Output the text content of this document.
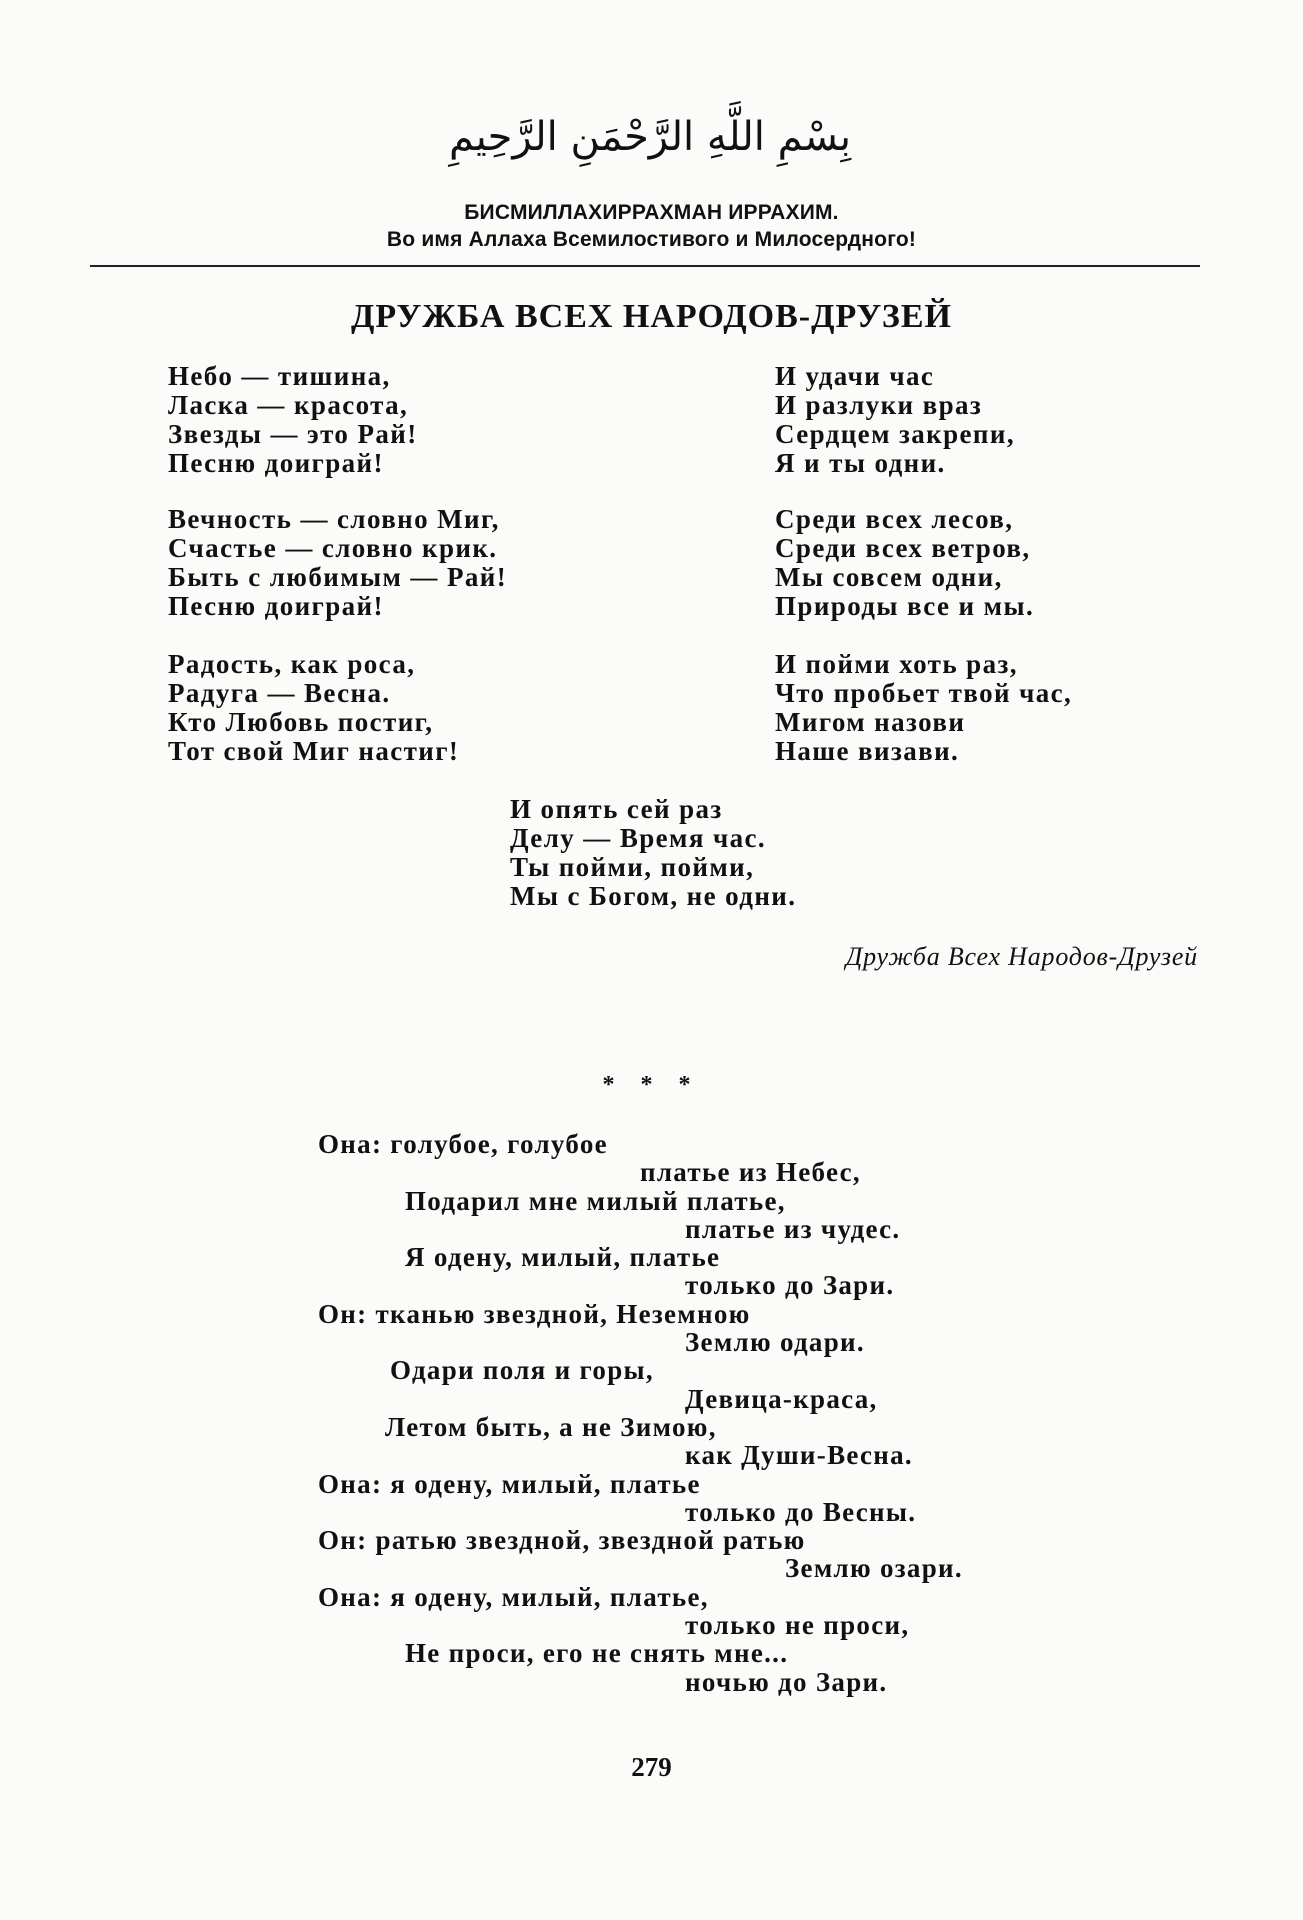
بِسْمِ اللَّهِ الرَّحْمَنِ الرَّحِيمِ
БИСМИЛЛАХИРРАХМАН ИРРАХИМ.
Во имя Аллаха Всемилостивого и Милосердного!
ДРУЖБА ВСЕХ НАРОДОВ-ДРУЗЕЙ
Небо — тишина,
Ласка — красота,
Звезды — это Рай!
Песню доиграй!
Вечность — словно Миг,
Счастье — словно крик.
Быть с любимым — Рай!
Песню доиграй!
Радость, как роса,
Радуга — Весна.
Кто Любовь постиг,
Тот свой Миг настиг!
И удачи час
И разлуки враз
Сердцем закрепи,
Я и ты одни.
Среди всех лесов,
Среди всех ветров,
Мы совсем одни,
Природы все и мы.
И пойми хоть раз,
Что пробьет твой час,
Мигом назови
Наше визави.
И опять сей раз
Делу — Время час.
Ты пойми, пойми,
Мы с Богом, не одни.
Дружба Всех Народов-Друзей
* * *
Она: голубое, голубое
платье из Небес,
Подарил мне милый платье,
платье из чудес.
Я одену, милый, платье
только до Зари.
Он: тканью звездной, Неземною
Землю одари.
Одари поля и горы,
Девица-краса,
Летом быть, а не Зимою,
как Души-Весна.
Она: я одену, милый, платье
только до Весны.
Он: ратью звездной, звездной ратью
Землю озари.
Она: я одену, милый, платье,
только не проси,
Не проси, его не снять мне...
ночью до Зари.
279
